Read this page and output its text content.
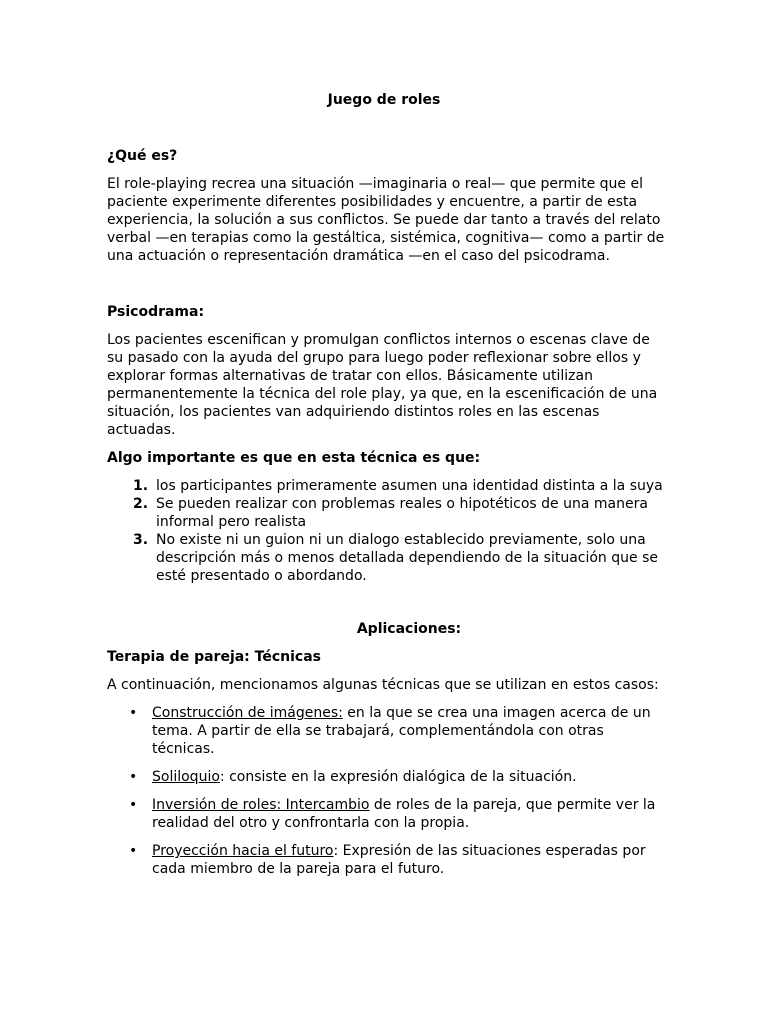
Juego de roles

¿Qué es?

El role-playing recrea una situación —imaginaria o real— que permite que el paciente experimente diferentes posibilidades y encuentre, a partir de esta experiencia, la solución a sus conflictos. Se puede dar tanto a través del relato verbal —en terapias como la gestáltica, sistémica, cognitiva— como a partir de una actuación o representación dramática —en el caso del psicodrama.

Psicodrama:

Los pacientes escenifican y promulgan conflictos internos o escenas clave de su pasado con la ayuda del grupo para luego poder reflexionar sobre ellos y explorar formas alternativas de tratar con ellos. Básicamente utilizan permanentemente la técnica del role play, ya que, en la escenificación de una situación, los pacientes van adquiriendo distintos roles en las escenas actuadas.

Algo importante es que en esta técnica es que:

1. los participantes primeramente asumen una identidad distinta a la suya
2. Se pueden realizar con problemas reales o hipotéticos de una manera informal pero realista
3. No existe ni un guion ni un dialogo establecido previamente, solo una descripción más o menos detallada dependiendo de la situación que se esté presentado o abordando.

Aplicaciones:

Terapia de pareja: Técnicas

A continuación, mencionamos algunas técnicas que se utilizan en estos casos:

• Construcción de imágenes: en la que se crea una imagen acerca de un tema. A partir de ella se trabajará, complementándola con otras técnicas.
• Soliloquio: consiste en la expresión dialógica de la situación.
• Inversión de roles: Intercambio de roles de la pareja, que permite ver la realidad del otro y confrontarla con la propia.
• Proyección hacia el futuro: Expresión de las situaciones esperadas por cada miembro de la pareja para el futuro.
